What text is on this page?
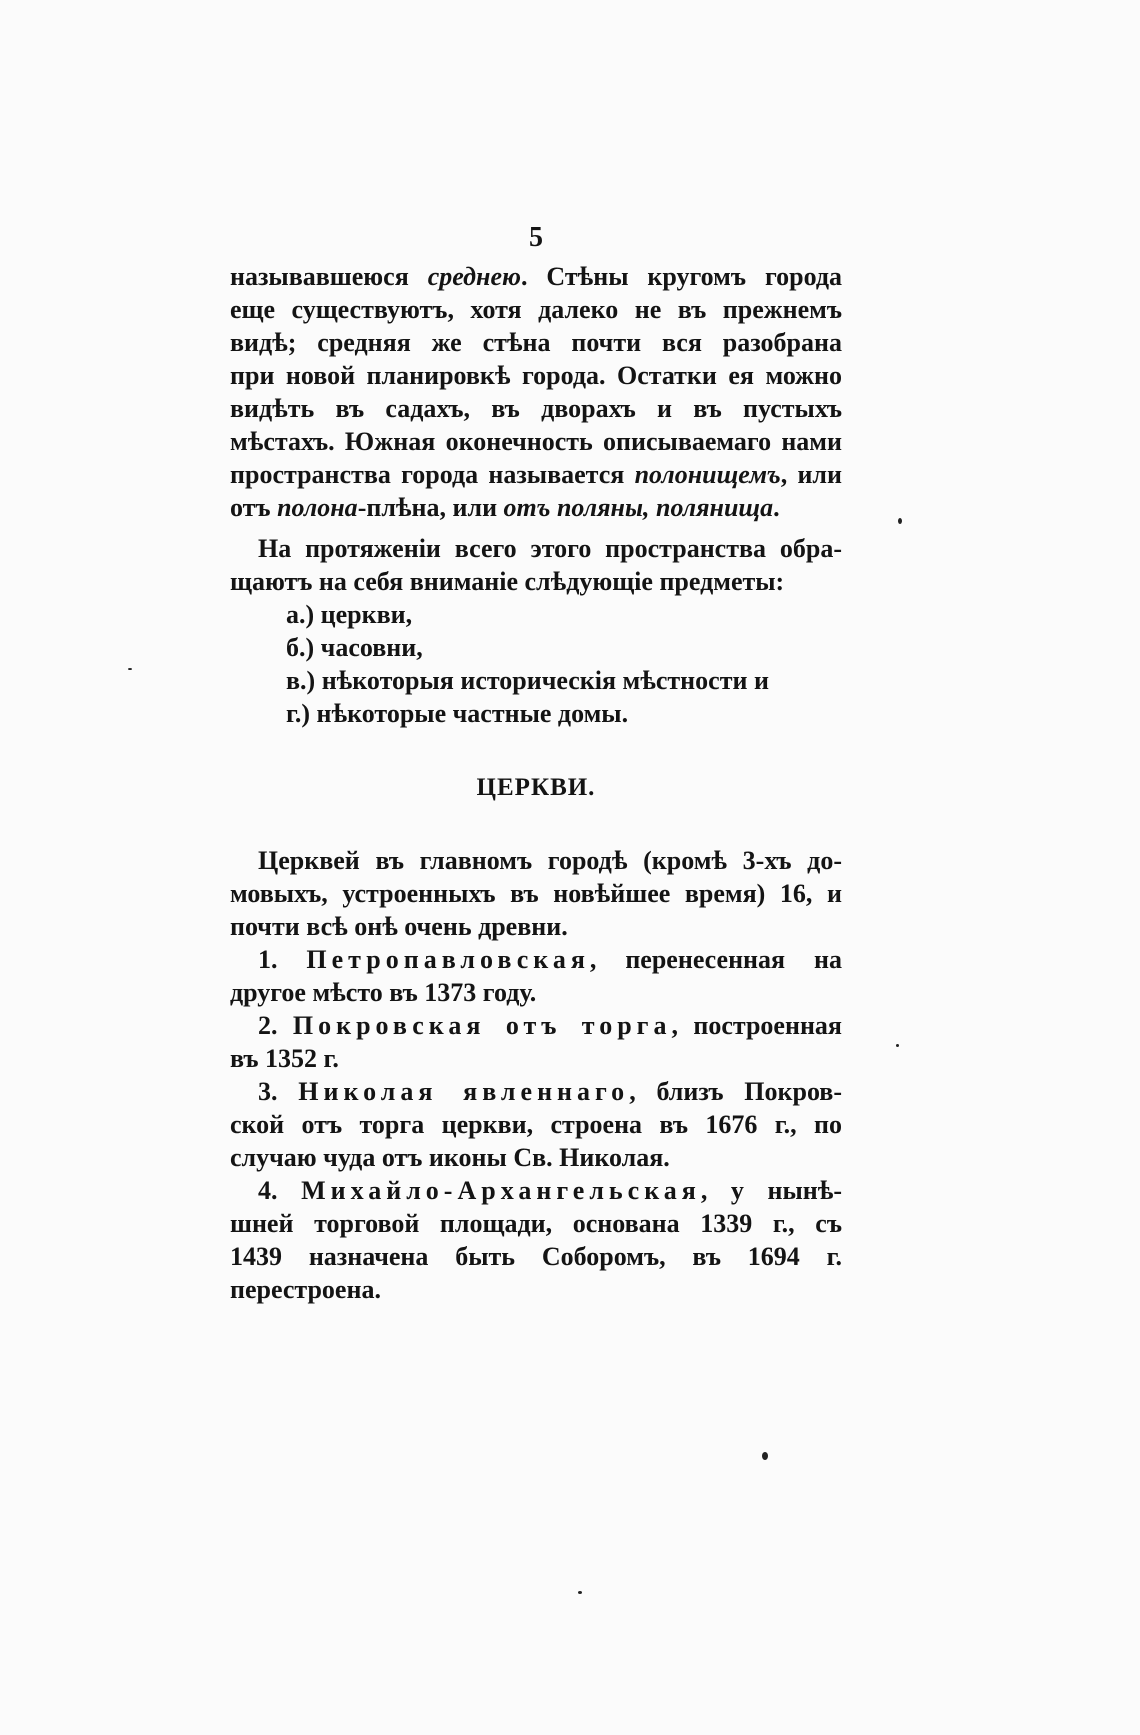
5
называвшеюся среднею. Стѣны кругомъ города
еще существуютъ, хотя далеко не въ прежнемъ
видѣ; средняя же стѣна почти вся разобрана
при новой планировкѣ города. Остатки ея можно
видѣть въ садахъ, въ дворахъ и въ пустыхъ
мѣстахъ. Южная оконечность описываемаго нами
пространства города называется полонищемъ, или
отъ полона-плѣна, или отъ поляны, полянища.
На протяженіи всего этого пространства обра-
щаютъ на себя вниманіе слѣдующіе предметы:
а.) церкви,
б.) часовни,
в.) нѣкоторыя историческія мѣстности и
г.) нѣкоторые частные домы.
ЦЕРКВИ.
Церквей въ главномъ городѣ (кромѣ 3-хъ до-
мовыхъ, устроенныхъ въ новѣйшее время) 16, и
почти всѣ онѣ очень древни.
1. Петропавловская, перенесенная на
другое мѣсто въ 1373 году.
2. Покровская отъ торга, построенная
въ 1352 г.
3. Николая явленнаго, близъ Покров-
ской отъ торга церкви, строена въ 1676 г., по
случаю чуда отъ иконы Св. Николая.
4. Михайло-Архангельская, у нынѣ-
шней торговой площади, основана 1339 г., съ
1439 назначена быть Соборомъ, въ 1694 г.
перестроена.
